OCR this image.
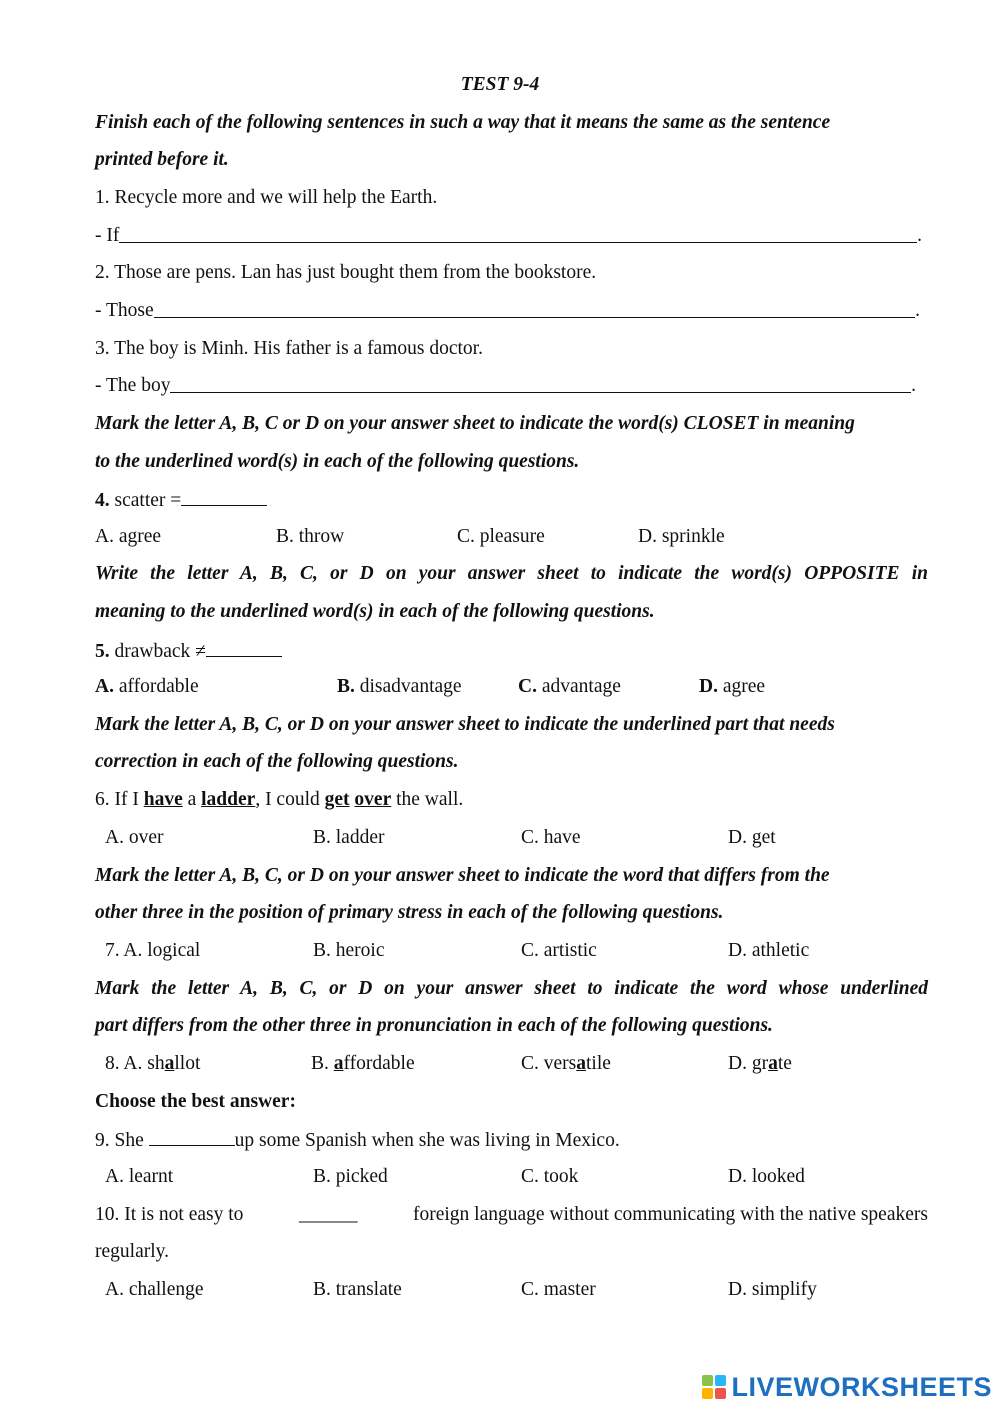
TEST 9-4
Finish each of the following sentences in such a way that it means the same as the sentence
printed before it.
1. Recycle more and we will help the Earth.
- If	.
2. Those are pens. Lan has just bought them from the bookstore.
- Those	.
3. The boy is Minh. His father is a famous doctor.
- The boy	.
Mark the letter A, B, C or D on your answer sheet to indicate the word(s) CLOSET in meaning
to the underlined word(s) in each of the following questions.
4. scatter =
A. agree	B. throw	C. pleasure	D. sprinkle
Write the letter A, B, C, or D on your answer sheet to indicate the word(s) OPPOSITE in
meaning to the underlined word(s) in each of the following questions.
5. drawback ≠
A. affordable	B. disadvantage	C. advantage	D. agree
Mark the letter A, B, C, or D on your answer sheet to indicate the underlined part that needs
correction in each of the following questions.
6. If I have a ladder, I could get over the wall.
A. over	B. ladder	C. have	D. get
Mark the letter A, B, C, or D on your answer sheet to indicate the word that differs from the
other three in the position of primary stress in each of the following questions.
7. A. logical	B. heroic	C. artistic	D. athletic
Mark the letter A, B, C, or D on your answer sheet to indicate the word whose underlined
part differs from the other three in pronunciation in each of the following questions.
8. A. shallot	B. affordable	C. versatile	D. grate
Choose the best answer:
9. She	up some Spanish when she was living in Mexico.
A. learnt	B. picked	C. took	D. looked
10. It is not easy to	______	foreign language without communicating with the native speakers
regularly.
A. challenge	B. translate	C. master	D. simplify
LIVEWORKSHEETS
